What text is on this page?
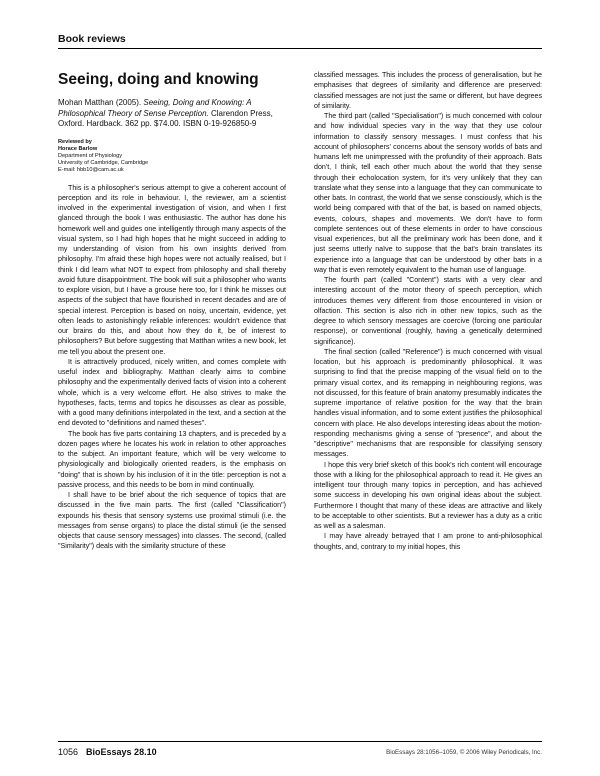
Book reviews
Seeing, doing and knowing
Mohan Matthan (2005). Seeing, Doing and Knowing: A Philosophical Theory of Sense Perception. Clarendon Press, Oxford. Hardback. 362 pp. $74.00. ISBN 0-19-926850-9
Reviewed by
Horace Barlow
Department of Physiology
University of Cambridge, Cambridge
E-mail: hbb10@cam.ac.uk

This is a philosopher's serious attempt to give a coherent account of perception and its role in behaviour. I, the reviewer, am a scientist involved in the experimental investigation of vision, and when I first glanced through the book I was enthusiastic. The author has done his homework well and guides one intelligently through many aspects of the visual system, so I had high hopes that he might succeed in adding to my understanding of vision from his own insights derived from philosophy. I'm afraid these high hopes were not actually realised, but I think I did learn what NOT to expect from philosophy and shall thereby avoid future disappointment. The book will suit a philosopher who wants to explore vision, but I have a grouse here too, for I think he misses out aspects of the subject that have flourished in recent decades and are of special interest. Perception is based on noisy, uncertain, evidence, yet often leads to astonishingly reliable inferences: wouldn't evidence that our brains do this, and about how they do it, be of interest to philosophers? But before suggesting that Matthan writes a new book, let me tell you about the present one.

It is attractively produced, nicely written, and comes complete with useful index and bibliography. Matthan clearly aims to combine philosophy and the experimentally derived facts of vision into a coherent whole, which is a very welcome effort. He also strives to make the hypotheses, facts, terms and topics he discusses as clear as possible, with a good many definitions interpolated in the text, and a section at the end devoted to "definitions and named theses".

The book has five parts containing 13 chapters, and is preceded by a dozen pages where he locates his work in relation to other approaches to the subject. An important feature, which will be very welcome to physiologically and biologically oriented readers, is the emphasis on "doing" that is shown by his inclusion of it in the title: perception is not a passive process, and this needs to be born in mind continually.

I shall have to be brief about the rich sequence of topics that are discussed in the five main parts. The first (called "Classification") expounds his thesis that sensory systems use proximal stimuli (i.e. the messages from sense organs) to place the distal stimuli (ie the sensed objects that cause sensory messages) into classes. The second, (called "Similarity") deals with the similarity structure of these

classified messages. This includes the process of generalisation, but he emphasises that degrees of similarity and difference are preserved: classified messages are not just the same or different, but have degrees of similarity.

The third part (called "Specialisation") is much concerned with colour and how individual species vary in the way that they use colour information to classify sensory messages. I must confess that his account of philosophers' concerns about the sensory worlds of bats and humans left me unimpressed with the profundity of their approach. Bats don't, I think, tell each other much about the world that they sense through their echolocation system, for it's very unlikely that they can translate what they sense into a language that they can communicate to other bats. In contrast, the world that we sense consciously, which is the world being compared with that of the bat, is based on named objects, events, colours, shapes and movements. We don't have to form complete sentences out of these elements in order to have conscious visual experiences, but all the preliminary work has been done, and it just seems utterly naïve to suppose that the bat's brain translates its experience into a language that can be understood by other bats in a way that is even remotely equivalent to the human use of language.

The fourth part (called "Content") starts with a very clear and interesting account of the motor theory of speech perception, which introduces themes very different from those encountered in vision or olfaction. This section is also rich in other new topics, such as the degree to which sensory messages are coercive (forcing one particular response), or conventional (roughly, having a genetically determined significance).

The final section (called "Reference") is much concerned with visual location, but his approach is predominantly philosophical. It was surprising to find that the precise mapping of the visual field on to the primary visual cortex, and its remapping in neighbouring regions, was not discussed, for this feature of brain anatomy presumably indicates the supreme importance of relative position for the way that the brain handles visual information, and to some extent justifies the philosophical concern with place. He also develops interesting ideas about the motion-responding mechanisms giving a sense of "presence", and about the "descriptive" mechanisms that are responsible for classifying sensory messages.

I hope this very brief sketch of this book's rich content will encourage those with a liking for the philosophical approach to read it. He gives an intelligent tour through many topics in perception, and has achieved some success in developing his own original ideas about the subject. Furthermore I thought that many of these ideas are attractive and likely to be acceptable to other scientists. But a reviewer has a duty as a critic as well as a salesman.

I may have already betrayed that I am prone to anti-philosophical thoughts, and, contrary to my initial hopes, this

1056 BioEssays 28.10	BioEssays 28:1056–1059, © 2006 Wiley Periodicals, Inc.
